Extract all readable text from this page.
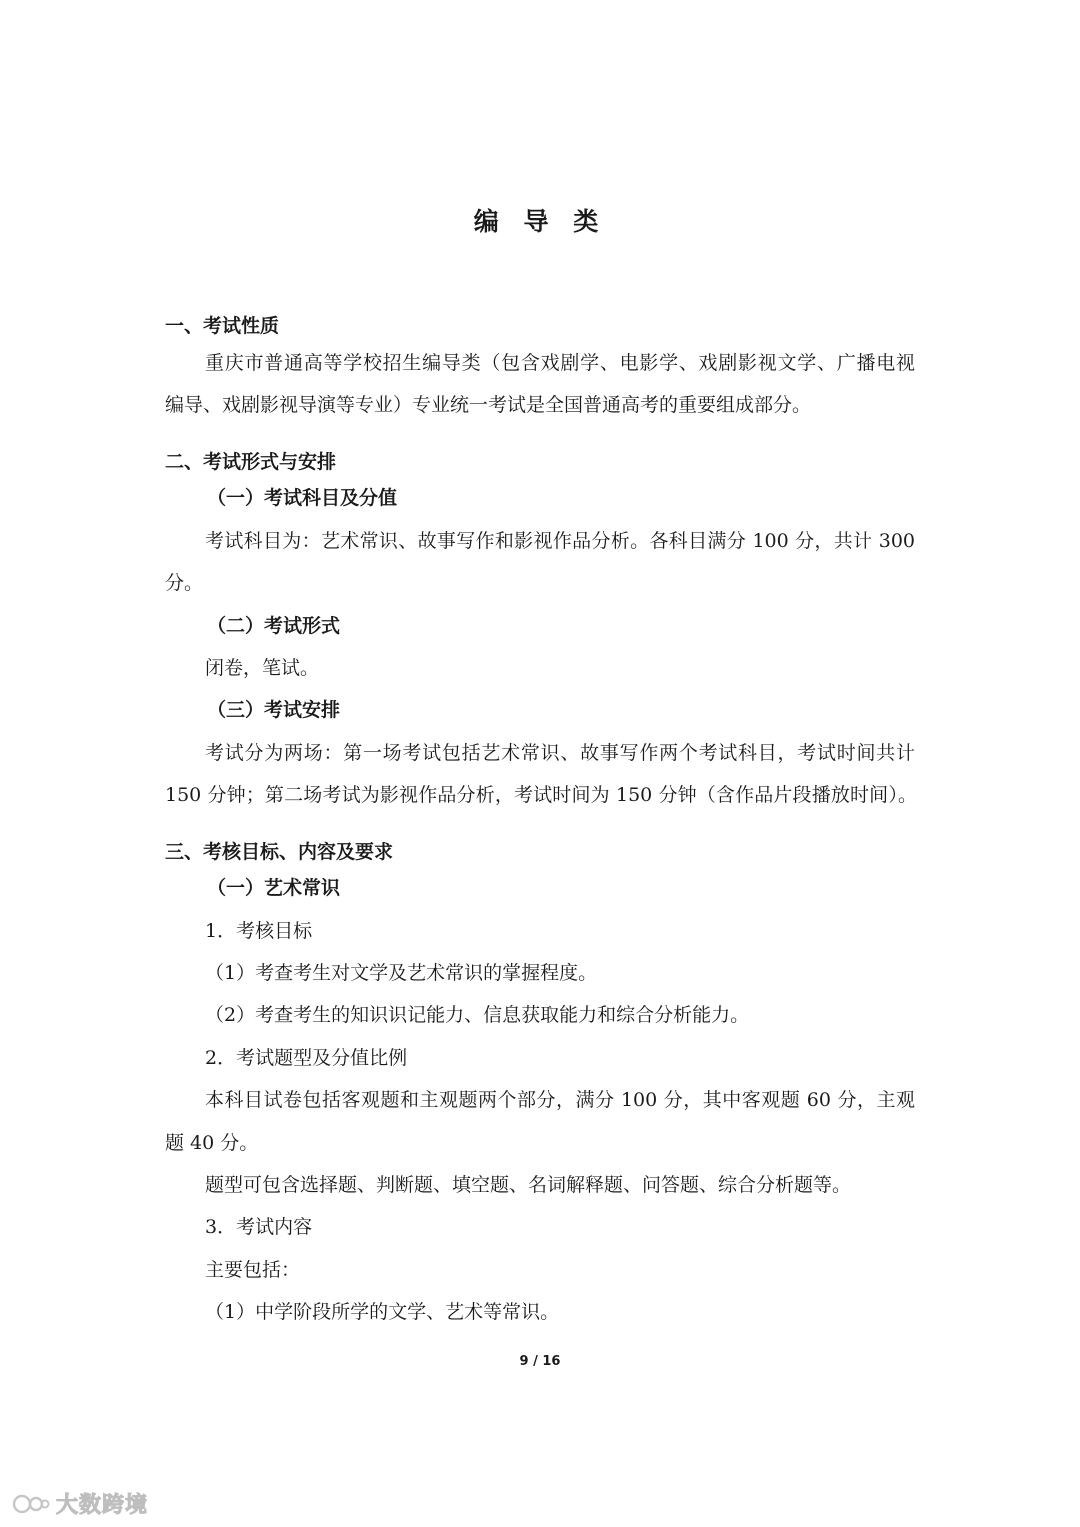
编 导 类
一、考试性质
重庆市普通高等学校招生编导类（包含戏剧学、电影学、戏剧影视文学、广播电视
编导、戏剧影视导演等专业）专业统一考试是全国普通高考的重要组成部分。
二、考试形式与安排
（一）考试科目及分值
考试科目为：艺术常识、故事写作和影视作品分析。各科目满分 100 分，共计 300
分。
（二）考试形式
闭卷，笔试。
（三）考试安排
考试分为两场：第一场考试包括艺术常识、故事写作两个考试科目，考试时间共计
150 分钟；第二场考试为影视作品分析，考试时间为 150 分钟（含作品片段播放时间）。
三、考核目标、内容及要求
（一）艺术常识
1．考核目标
（1）考查考生对文学及艺术常识的掌握程度。
（2）考查考生的知识识记能力、信息获取能力和综合分析能力。
2．考试题型及分值比例
本科目试卷包括客观题和主观题两个部分，满分 100 分，其中客观题 60 分，主观
题 40 分。
题型可包含选择题、判断题、填空题、名词解释题、问答题、综合分析题等。
3．考试内容
主要包括：
（1）中学阶段所学的文学、艺术等常识。
9 / 16
大数跨境
